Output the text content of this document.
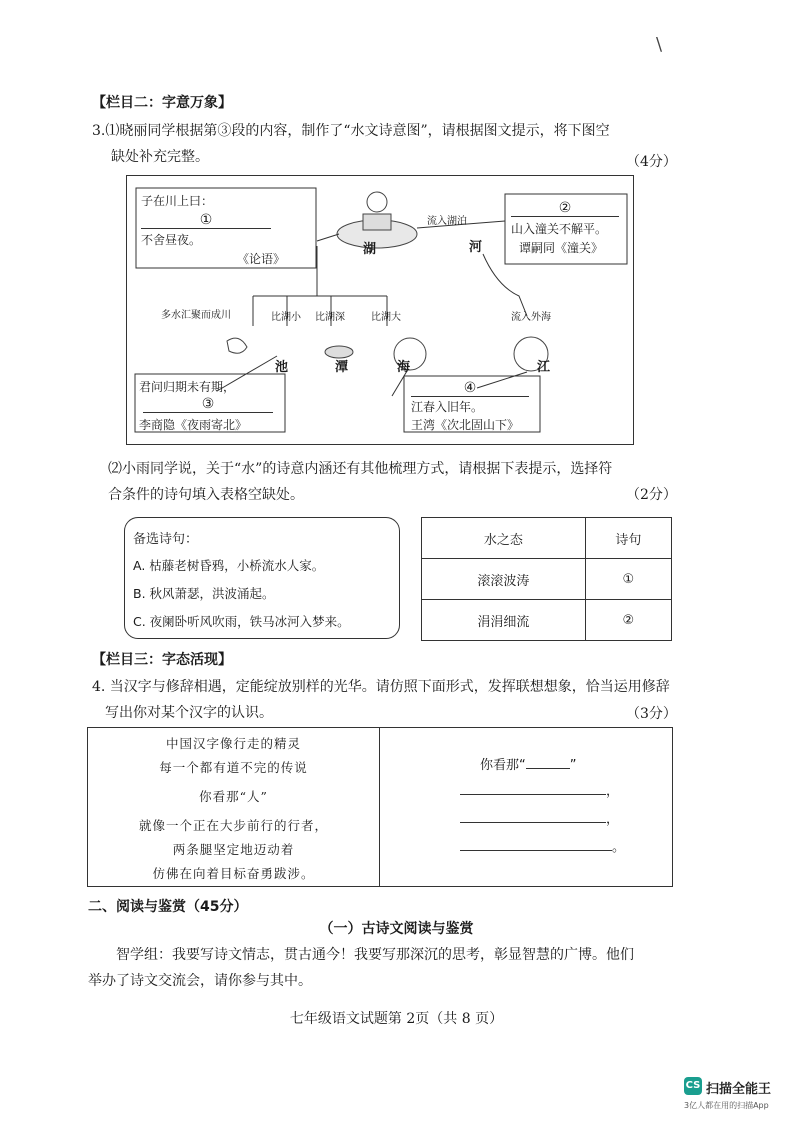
\
【栏目二：字意万象】
3.⑴晓丽同学根据第③段的内容，制作了“水文诗意图”，请根据图文提示，将下图空
缺处补充完整。	（4分）
子在川上曰：
①
不舍昼夜。
《论语》
②
山入潼关不解平。
谭嗣同《潼关》
湖
流入湖泊
河
多水汇聚而成川	比湖小 比湖深	比湖大	流入外海
池	潭	海	江
君问归期未有期，
③
李商隐《夜雨寄北》
④
江春入旧年。
王湾《次北固山下》
⑵小雨同学说，关于“水”的诗意内涵还有其他梳理方式，请根据下表提示，选择符
合条件的诗句填入表格空缺处。	（2分）
备选诗句：
A. 枯藤老树昏鸦，小桥流水人家。
B. 秋风萧瑟，洪波涌起。
C. 夜阑卧听风吹雨，铁马冰河入梦来。
水之态	诗句
滚滚波涛	①
涓涓细流	②
【栏目三：字态活现】
4. 当汉字与修辞相遇，定能绽放别样的光华。请仿照下面形式，发挥联想想象，恰当运用修辞
写出你对某个汉字的认识。	（3分）
中国汉字像行走的精灵
每一个都有道不完的传说
你看那“人”
就像一个正在大步前行的行者，
两条腿坚定地迈动着
仿佛在向着目标奋勇跋涉。
你看那“	”
，
，
。
二、阅读与鉴赏（45分）
（一）古诗文阅读与鉴赏
智学组：我要写诗文情志，贯古通今！我要写那深沉的思考，彰显智慧的广博。他们
举办了诗文交流会，请你参与其中。
七年级语文试题第 2页（共 8 页）
CS 扫描全能王
3亿人都在用的扫描App
